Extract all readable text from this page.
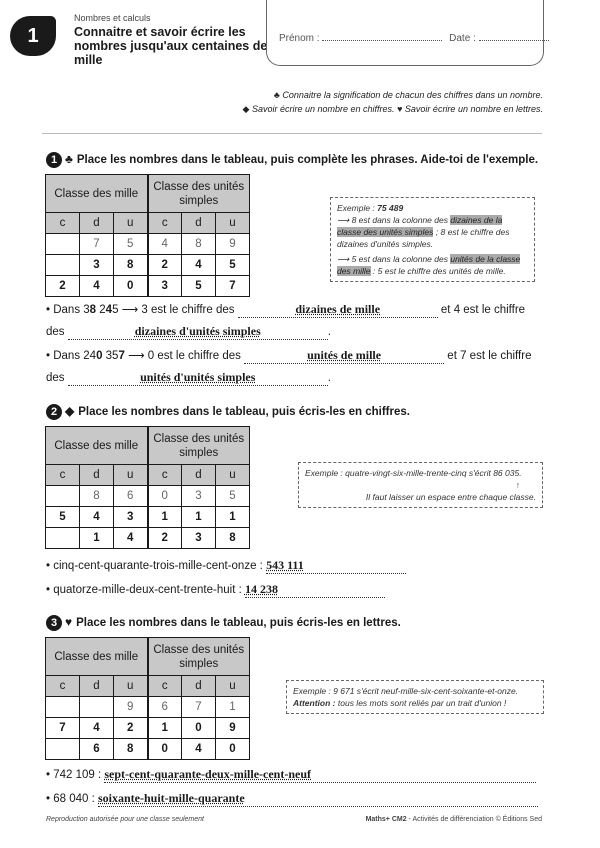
1
Nombres et calculs
Connaitre et savoir écrire les nombres jusqu'aux centaines de mille
Prénom :	Date :
♣ Connaitre la signification de chacun des chiffres dans un nombre.
◆ Savoir écrire un nombre en chiffres. ♥ Savoir écrire un nombre en lettres.
1 ♣ Place les nombres dans le tableau, puis complète les phrases. Aide-toi de l'exemple.
Classe des mille			Classe des unités simples		
c	d	u	c	d	u
	7	5	4	8	9
	3	8	2	4	5
2	4	0	3	5	7
Exemple : 75 489
⟶ 8 est dans la colonne des dizaines de la classe des unités simples ; 8 est le chiffre des dizaines d'unités simples.
⟶ 5 est dans la colonne des unités de la classe des mille : 5 est le chiffre des unités de mille.
• Dans 38 245 ⟶ 3 est le chiffre des	dizaines de mille	et 4 est le chiffre
des	dizaines d'unités simples	.
• Dans 240 357 ⟶ 0 est le chiffre des	unités de mille	et 7 est le chiffre
des	unités d'unités simples	.
2 ◆ Place les nombres dans le tableau, puis écris-les en chiffres.
Classe des mille			Classe des unités simples		
c	d	u	c	d	u
	8	6	0	3	5
5	4	3	1	1	1
	1	4	2	3	8
Exemple : quatre-vingt-six-mille-trente-cinq s'écrit 86 035.
↑
Il faut laisser un espace entre chaque classe.
• cinq-cent-quarante-trois-mille-cent-onze : 543 111
• quatorze-mille-deux-cent-trente-huit : 14 238
3 ♥ Place les nombres dans le tableau, puis écris-les en lettres.
Classe des mille			Classe des unités simples		
c	d	u	c	d	u
		9	6	7	1
7	4	2	1	0	9
	6	8	0	4	0
Exemple : 9 671 s'écrit neuf-mille-six-cent-soixante-et-onze.
Attention : tous les mots sont reliés par un trait d'union !
• 742 109 : sept-cent-quarante-deux-mille-cent-neuf
• 68 040 : soixante-huit-mille-quarante
Reproduction autorisée pour une classe seulement	Maths+ CM2 - Activités de différenciation © Éditions Sed
